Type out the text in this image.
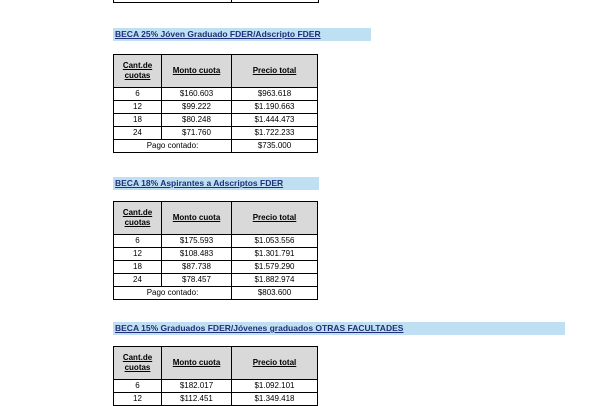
BECA 25% Jóven Graduado FDER/Adscripto FDER
Cant.de cuotas	Monto cuota	Precio total
6	$160.603	$963.618
12	$99.222	$1.190.663
18	$80.248	$1.444.473
24	$71.760	$1.722.233
Pago contado:		$735.000
BECA 18% Aspirantes a Adscriptos FDER
Cant.de cuotas	Monto cuota	Precio total
6	$175.593	$1.053.556
12	$108.483	$1.301.791
18	$87.738	$1.579.290
24	$78.457	$1.882.974
Pago contado:		$803.600
BECA 15% Graduados FDER/Jóvenes graduados OTRAS FACULTADES
Cant.de cuotas	Monto cuota	Precio total
6	$182.017	$1.092.101
12	$112.451	$1.349.418
